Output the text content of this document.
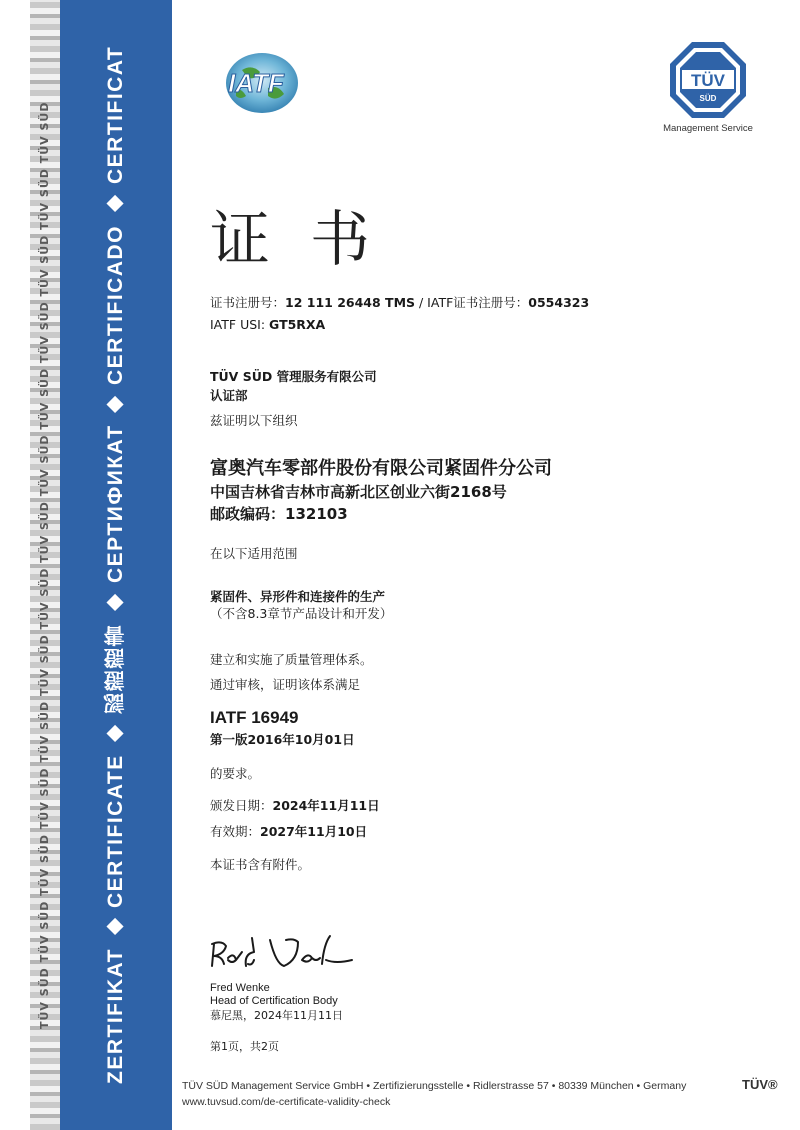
TÜV SÜD TÜV SÜD TÜV SÜD TÜV SÜD TÜV SÜD TÜV SÜD TÜV SÜD TÜV SÜD TÜV SÜD TÜV SÜD TÜV SÜD TÜV SÜD TÜV SÜD TÜV SÜD	ZERTIFIKAT ◆ CERTIFICATE ◆ 認證證書 ◆ СЕРТИФИКАТ ◆ CERTIFICADO ◆ CERTIFICAT	IATF	TÜV
SÜD
Management Service
证书
证书注册号：12 111 26448 TMS / IATF证书注册号：0554323
IATF USI: GT5RXA
TÜV SÜD 管理服务有限公司
认证部
兹证明以下组织
富奥汽车零部件股份有限公司紧固件分公司
中国吉林省吉林市高新北区创业六街2168号
邮政编码：132103
在以下适用范围
紧固件、异形件和连接件的生产
（不含8.3章节产品设计和开发）
建立和实施了质量管理体系。
通过审核，证明该体系满足
IATF 16949
第一版2016年10月01日
的要求。
颁发日期：2024年11月11日
有效期：2027年11月10日
本证书含有附件。
Fred Wenke
Head of Certification Body
慕尼黑，2024年11月11日
第1页，共2页
TÜV SÜD Management Service GmbH • Zertifizierungsstelle • Ridlerstrasse 57 • 80339 München • Germany
www.tuvsud.com/de-certificate-validity-check
TÜV®
